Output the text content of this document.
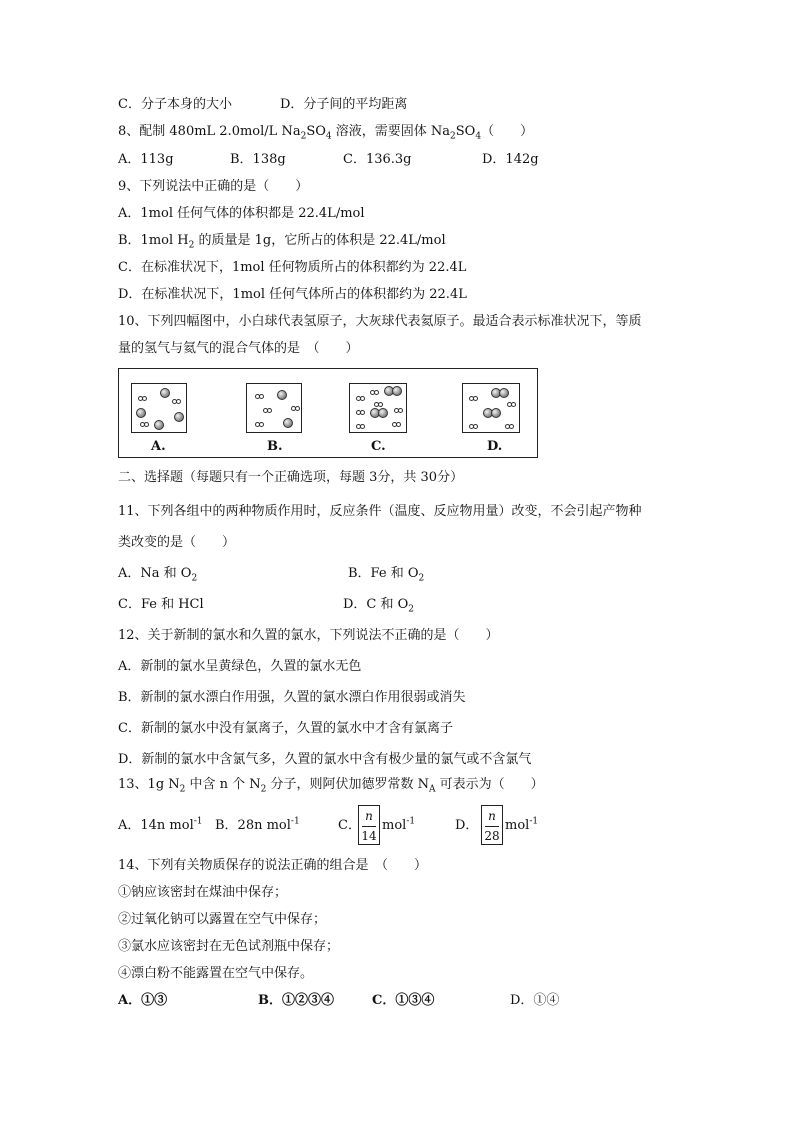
C．分子本身的大小	D．分子间的平均距离
8、配制 480mL 2.0mol/L $Na_2SO_4$ 溶液，需要固体 $Na_2SO_4$（　　）
A．113g	B．138g	C．136.3g	D．142g
9、下列说法中正确的是（　　）
A．1mol 任何气体的体积都是 22.4L/mol
B．1mol $H_2$ 的质量是 1g，它所占的体积是 22.4L/mol
C．在标准状况下，1mol 任何物质所占的体积都约为 22.4L
D．在标准状况下，1mol 任何气体所占的体积都约为 22.4L
10、下列四幅图中，小白球代表氢原子，大灰球代表氦原子。最适合表示标准状况下，等质
量的氢气与氦气的混合气体的是　（　　）
A.	B.	C.	D.
二、选择题（每题只有一个正确选项，每题 3分，共 30分）
11、下列各组中的两种物质作用时，反应条件（温度、反应物用量）改变，不会引起产物种
类改变的是（　　）
A．Na 和 $O_2$	B．Fe 和 $O_2$
C．Fe 和 HCl	D．C 和 $O_2$
12、关于新制的氯水和久置的氯水，下列说法不正确的是（　　）
A．新制的氯水呈黄绿色，久置的氯水无色
B．新制的氯水漂白作用强，久置的氯水漂白作用很弱或消失
C．新制的氯水中没有氯离子，久置的氯水中才含有氯离子
D．新制的氯水中含氯气多，久置的氯水中含有极少量的氯气或不含氯气
13、1g $N_2$ 中含 n 个 $N_2$ 分子，则阿伏加德罗常数 $N_A$ 可表示为（　　）
A．14n mol$^{-1}$ B．28n mol$^{-1}$	C．
n
14
mol$^{-1}$	D．
n
28
mol$^{-1}$
14、下列有关物质保存的说法正确的组合是　（　　）
①钠应该密封在煤油中保存；
②过氧化钠可以露置在空气中保存；
③氯水应该密封在无色试剂瓶中保存；
④漂白粉不能露置在空气中保存。
A．①③	B．①②③④	C．①③④	D．①④
